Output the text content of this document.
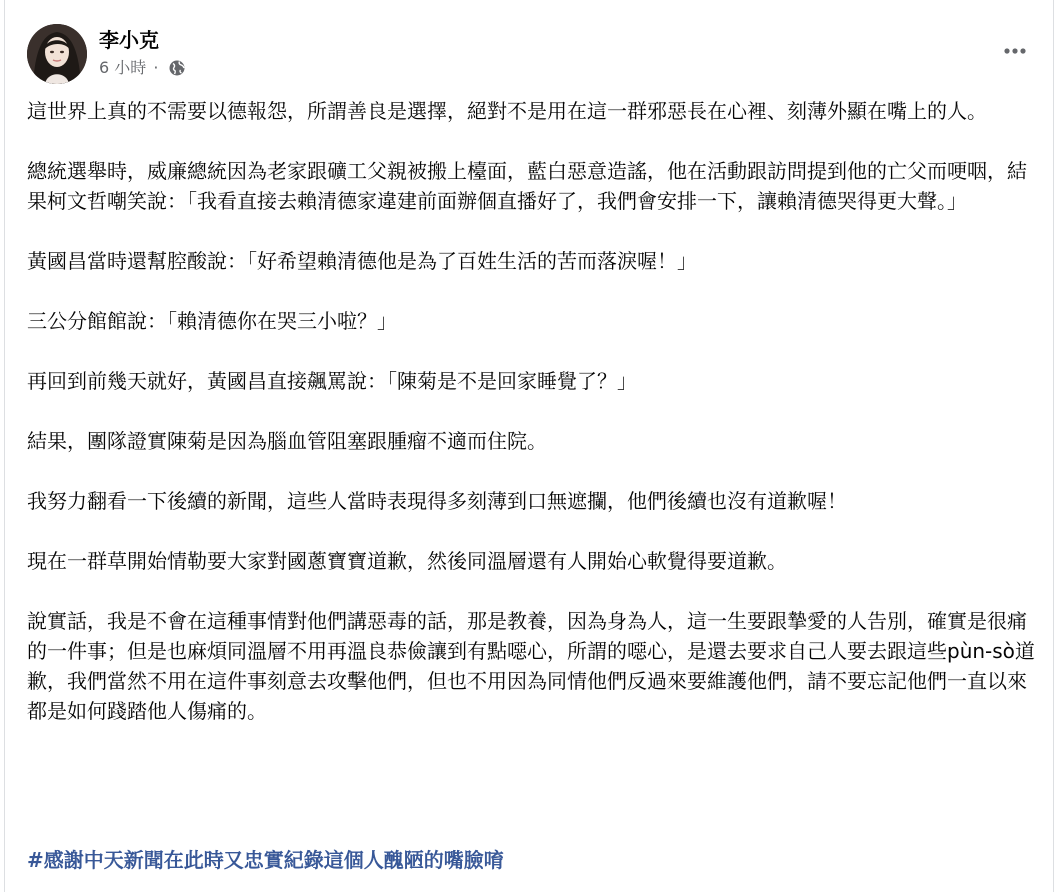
李小克
6 小時 ·

這世界上真的不需要以德報怨，所謂善良是選擇，絕對不是用在這一群邪惡長在心裡、刻薄外顯在嘴上的人。

總統選舉時，威廉總統因為老家跟礦工父親被搬上檯面，藍白惡意造謠，他在活動跟訪問提到他的亡父而哽咽，結果柯文哲嘲笑說：「我看直接去賴清德家違建前面辦個直播好了，我們會安排一下，讓賴清德哭得更大聲。」

黃國昌當時還幫腔酸說：「好希望賴清德他是為了百姓生活的苦而落淚喔！」

三公分館館說：「賴清德你在哭三小啦？」

再回到前幾天就好，黃國昌直接飆罵說：「陳菊是不是回家睡覺了？」

結果，團隊證實陳菊是因為腦血管阻塞跟腫瘤不適而住院。

我努力翻看一下後續的新聞，這些人當時表現得多刻薄到口無遮攔，他們後續也沒有道歉喔！

現在一群草開始情勒要大家對國蔥寶寶道歉，然後同溫層還有人開始心軟覺得要道歉。

說實話，我是不會在這種事情對他們講惡毒的話，那是教養，因為身為人，這一生要跟摯愛的人告別，確實是很痛的一件事；但是也麻煩同溫層不用再溫良恭儉讓到有點噁心，所謂的噁心，是還去要求自己人要去跟這些pùn-sò道歉，我們當然不用在這件事刻意去攻擊他們，但也不用因為同情他們反過來要維護他們，請不要忘記他們一直以來都是如何踐踏他人傷痛的。

#感謝中天新聞在此時又忠實紀錄這個人醜陋的嘴臉唷
